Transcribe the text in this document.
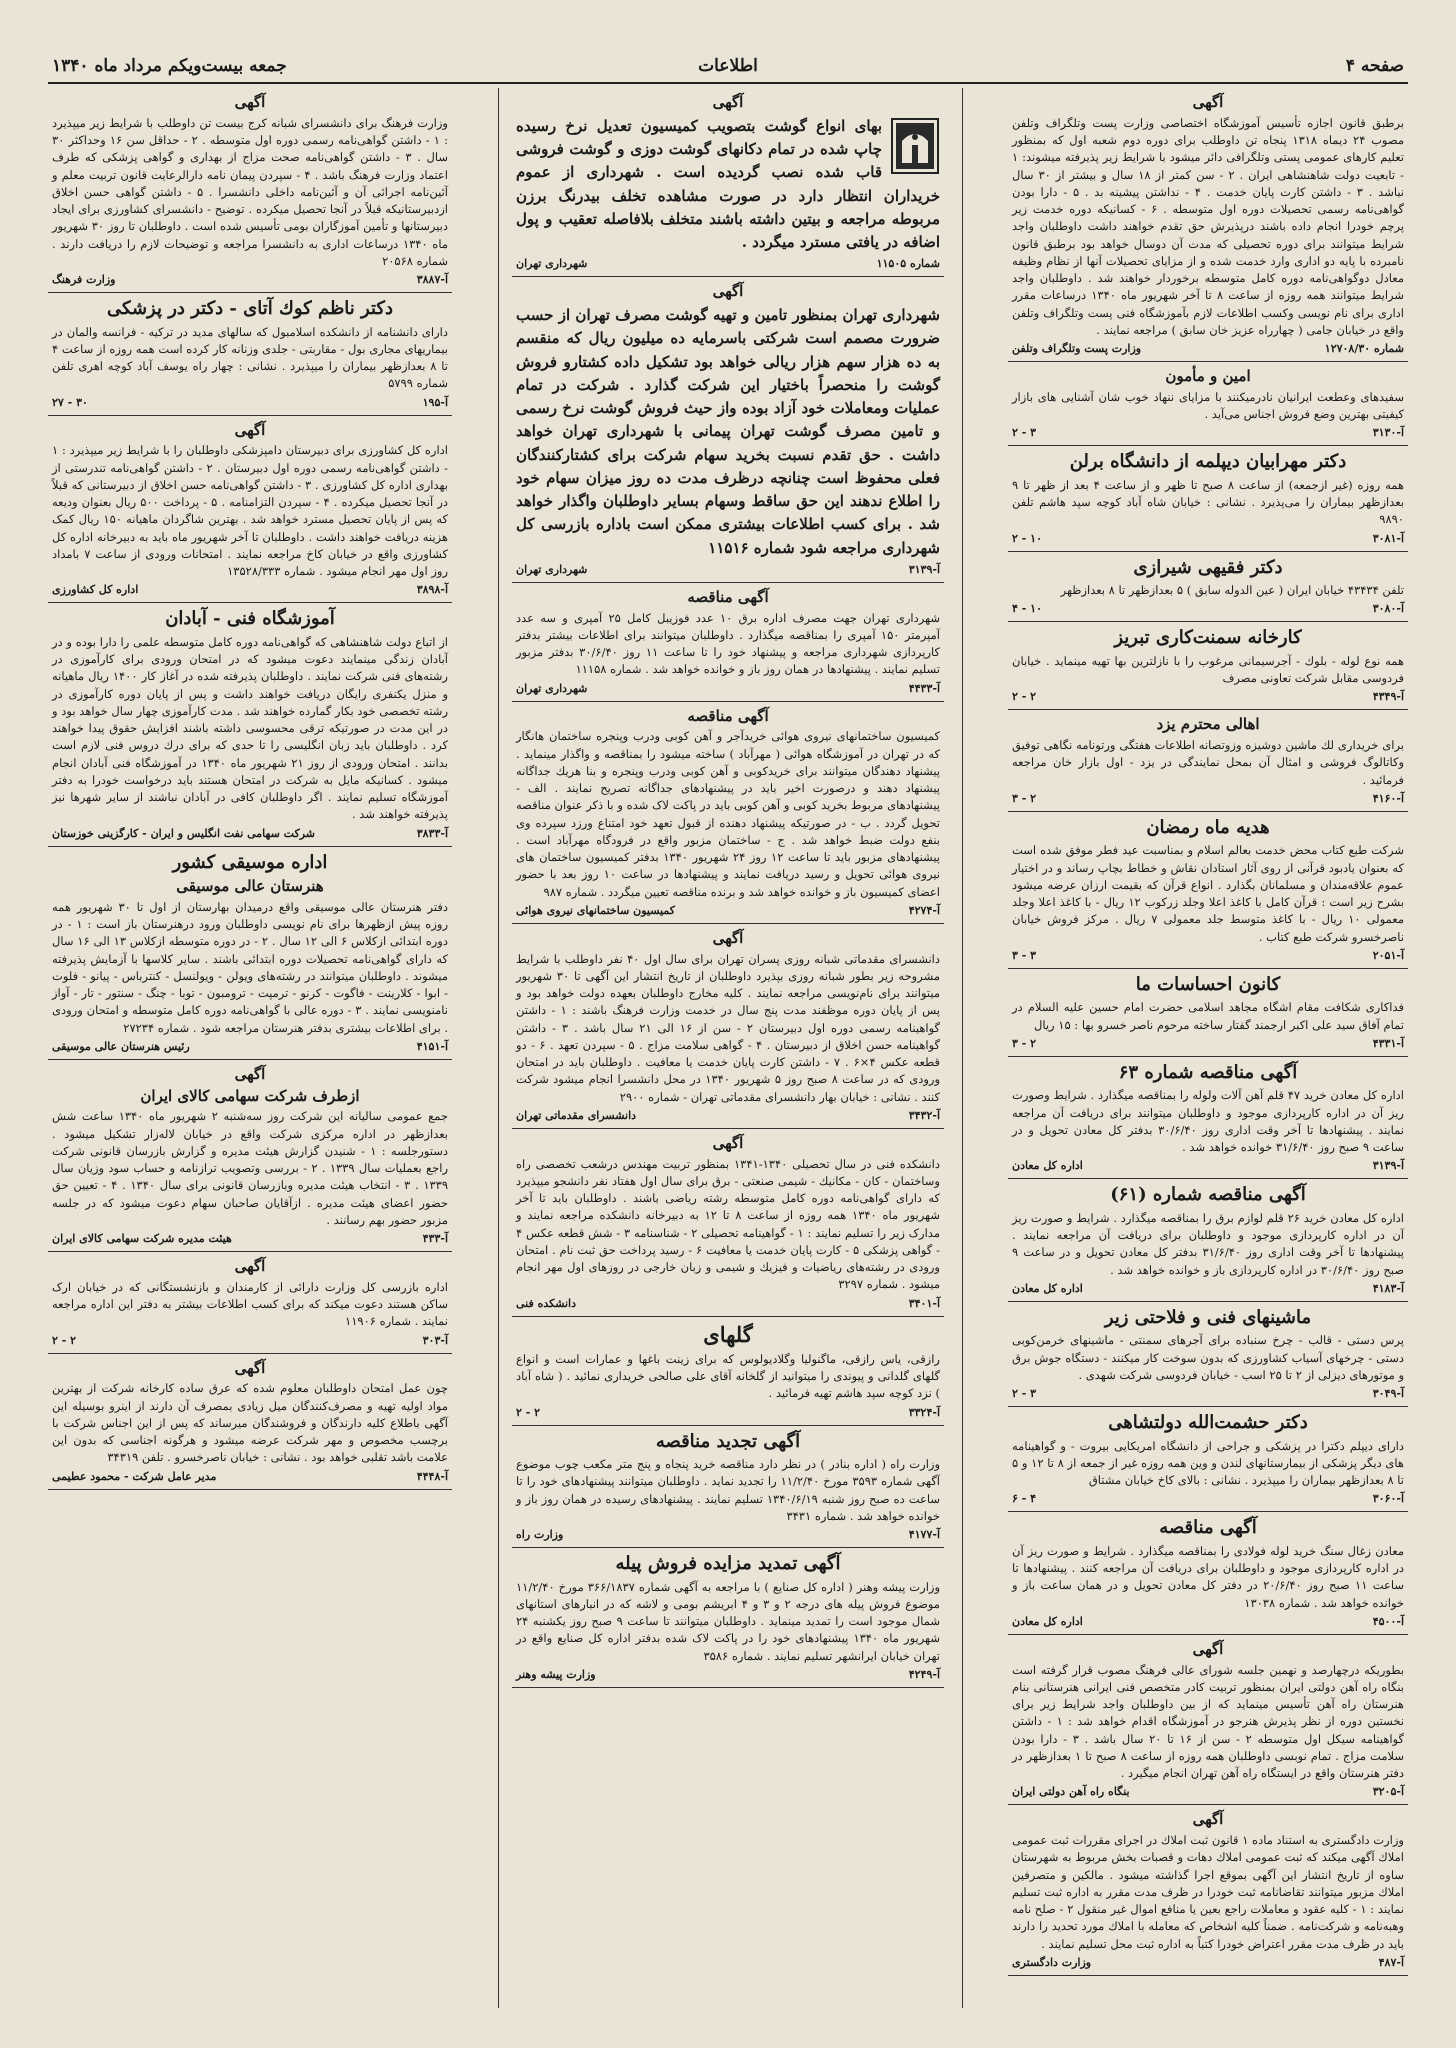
صفحه ۴
اطلاعات
جمعه‌ بیست‌ویکم مرداد ماه ۱۳۴۰
آگهی

برطبق قانون اجازه تأسیس آموزشگاه اختصاصی وزارت پست وتلگراف وتلفن مصوب ۲۴ دیماه ۱۳۱۸ پنجاه تن داوطلب برای دوره دوم شعبه اول که بمنظور تعلیم کارهای عمومی پستی وتلگرافی دائر میشود با شرایط زیر پذیرفته میشوند: ۱ - تابعیت دولت شاهنشاهی ایران . ۲ - سن کمتر از ۱۸ سال و بیشتر از ۳۰ سال نباشد . ۳ - داشتن کارت پایان خدمت . ۴ - نداشتن پیشینه بد . ۵ - دارا بودن گواهی‌نامه رسمی تحصیلات دوره اول متوسطه . ۶ - کسانیکه دوره خدمت زیر پرچم خودرا انجام داده باشند درپذیرش حق تقدم خواهند داشت داوطلبان واجد شرایط میتوانند برای دوره تحصیلی که مدت آن دوسال خواهد بود برطبق قانون نامبرده با پایه دو اداری وارد خدمت شده و از مزایای تحصیلات آنها از نظام وظیفه معادل دوگواهی‌نامه دوره کامل متوسطه برخوردار خواهند شد . داوطلبان واجد شرایط میتوانند همه روزه از ساعت ۸ تا آخر شهریور ماه ۱۳۴۰ درساعات مقرر اداری برای نام نویسی وکسب اطلاعات لازم بآموزشگاه فنی پست وتلگراف وتلفن واقع در خیابان جامی ( چهارراه عزیز خان سابق ) مراجعه نمایند .

شماره ۱۲۷۰۸/۳۰
وزارت پست وتلگراف وتلفن
امین و مأمون

سفیدهای وعطعت ایرانیان نادرمیکنند با مزایای ننهاد خوب شان آشنایی های بازار کیفیتی بهترین وضع فروش اجناس می‌آید .

آ-۳۱۳۰
۳ - ۲
دکتر مهرابیان دیپلمه از دانشگاه برلن

همه روزه (غیر ازجمعه) از ساعت ۸ صبح تا ظهر و از ساعت ۴ بعد از ظهر تا ۹ بعدازظهر بیماران را می‌پذیرد . نشانی : خیابان شاه آباد کوچه سپد هاشم تلفن ۹۸۹۰

آ-۳۰۸۱
۱۰ - ۲
دکتر فقیهی شیرازی

تلفن ۴۳۴۳۴ خیابان ایران ( عین الدوله سابق ) ۵ بعدازظهر تا ۸ بعدازظهر

آ-۳۰۸۰
۱۰ - ۴
کارخانه سمنت‌کاری تبریز

همه نوع لوله - بلوك - آجرسیمانی مرغوب را با نازلترین بها تهیه مینماید . خیابان فردوسی مقابل شرکت تعاونی مصرف

آ-۴۳۴۹
۲ - ۲
اهالی محترم یزد

برای خریداری لك ماشین دوشیزه وزوتصانه اطلاعات هفتگی ورتونامه نگاهی توفیق وکاتالوگ فروشی و امثال آن بمحل نمایندگی در یزد - اول بازار خان مراجعه فرمائید .

آ-۴۱۶۰
۲ - ۳
هدیه ماه رمضان

شرکت طبع کتاب محض خدمت بعالم اسلام و بمناسبت عید فطر موفق شده است که بعنوان یادبود قرآنی از روی آثار استادان نقاش و خطاط بچاپ رساند و در اختیار عموم علاقه‌مندان و مسلمانان بگذارد . انواع قرآن که بقیمت ارزان عرضه میشود بشرح زیر است : قرآن کامل با کاغذ اعلا وجلد زرکوب ۱۲ ریال - با کاغذ اعلا وجلد معمولی ۱۰ ریال - با کاغذ متوسط جلد معمولی ۷ ریال . مرکز فروش خیابان ناصرخسرو شرکت طبع کتاب .

آ-۲۰۵۱
۳ - ۳
کانون احساسات ما

فداکاری شکافت مقام اشگاه مجاهد اسلامی حضرت امام حسین علیه السلام در تمام آفاق سید علی اکبر ارجمند گفتار ساخته مرحوم ناصر خسرو بها : ۱۵ ریال

آ-۴۳۳۱
۲ - ۳
آگهی مناقصه شماره ۶۳

اداره کل معادن خرید ۴۷ قلم آهن آلات ولوله را بمناقصه میگذارد . شرایط وصورت ریز آن در اداره کارپردازی موجود و داوطلبان میتوانند برای دریافت آن مراجعه نمایند . پیشنهادها تا آخر وقت اداری روز ۳۰/۶/۴۰ بدفتر کل معادن تحویل و در ساعت ۹ صبح روز ۳۱/۶/۴۰ خوانده خواهد شد .

آ-۳۱۳۹
اداره کل معادن
آگهی مناقصه شماره (۶۱)

اداره کل معادن خرید ۲۶ قلم لوازم برق را بمناقصه میگذارد . شرایط و صورت ریز آن در اداره کارپردازی موجود و داوطلبان برای دریافت آن مراجعه نمایند . پیشنهادها تا آخر وقت اداری روز ۳۱/۶/۴۰ بدفتر کل معادن تحویل و در ساعت ۹ صبح روز ۳۰/۶/۴۰ در اداره کارپردازی باز و خوانده خواهد شد .

آ-۴۱۸۳
اداره کل معادن
ماشینهای فنی و فلاحتی زیر

پرس دستی - قالب - چرخ سنباده برای آجرهای سمنتی - ماشینهای خرمن‌کوبی دستی - چرخهای آسیاب کشاورزی که بدون سوخت کار میکنند - دستگاه جوش برق و موتورهای دیزلی از ۲ تا ۲۵ اسب - خیابان فردوسی شرکت شهدی .

آ-۳۰۴۹
۳ - ۲
دکتر حشمت‌الله دولتشاهی

دارای دیپلم دکترا در پزشکی و جراحی از دانشگاه امریکایی بیروت - و گواهینامه های دیگر پزشکی از بیمارستانهای لندن و وین همه روزه غیر از جمعه از ۸ تا ۱۲ و ۵ تا ۸ بعدازظهر بیماران را میپذیرد . نشانی : بالای کاخ خیابان مشتاق

آ-۳۰۶۰
۴ - ۶
آگهی مناقصه

معادن زغال سنگ خرید لوله فولادی را بمناقصه میگذارد . شرایط و صورت ریز آن در اداره کارپردازی موجود و داوطلبان برای دریافت آن مراجعه کنند . پیشنهادها تا ساعت ۱۱ صبح روز ۲۰/۶/۴۰ در دفتر کل معادن تحویل و در همان ساعت باز و خوانده خواهد شد . شماره ۱۳۰۳۸

آ-۴۵۰۰
اداره کل معادن
آگهی

بطوریکه درچهارصد و نهمین جلسه شورای عالی فرهنگ مصوب قرار گرفته است بنگاه راه آهن دولتی ایران بمنظور تربیت کادر متخصص فنی ایرانی هنرستانی بنام هنرستان راه آهن تأسیس مینماید که از بین داوطلبان واجد شرایط زیر برای نخستین دوره از نظر پذیرش هنرجو در آموزشگاه اقدام خواهد شد : ۱ - داشتن گواهینامه سیکل اول متوسطه ۲ - سن از ۱۶ تا ۲۰ سال باشد . ۳ - دارا بودن سلامت مزاج . تمام نوبسی داوطلبان همه روزه از ساعت ۸ صبح تا ۱ بعدازظهر در دفتر هنرستان واقع در ایستگاه راه آهن تهران انجام میگیرد .

آ-۳۲۰۵
بنگاه راه آهن دولتی ایران
آگهی

وزارت دادگستری به استناد ماده ۱ قانون ثبت املاك در اجرای مقررات ثبت عمومی املاك آگهی میکند که ثبت عمومی املاك دهات و قصبات بخش مربوط به شهرستان ساوه از تاریخ انتشار این آگهی بموقع اجرا گذاشته میشود . مالکین و متصرفین املاك مزبور میتوانند تقاضانامه ثبت خودرا در ظرف مدت مقرر به اداره ثبت تسلیم نمایند : ۱ - کلیه عقود و معاملات راجع بعین یا منافع اموال غیر منقول ۲ - صلح نامه وهبه‌نامه و شرکت‌نامه . ضمناً کلیه اشخاص که معامله با املاك مورد تحدید را دارند باید در ظرف مدت مقرر اعتراض خودرا کتباً به اداره ثبت محل تسلیم نمایند .

آ-۴۸۷
وزارت دادگستری
آگهی

بهای انواع گوشت بتصویب کمیسیون تعدیل نرخ رسیده چاپ شده در تمام دکانهای گوشت دوزی و گوشت فروشی قاب شده نصب گردیده است . شهرداری از عموم خریداران انتظار دارد در صورت مشاهده تخلف بیدرنگ برزن مربوطه مراجعه و بیتین داشته باشند متخلف بلافاصله تعقیب و پول اضافه در یافتی مسترد میگردد .

شماره ۱۱۵۰۵
شهرداری تهران
آگهی

شهرداری تهران بمنظور تامین و تهیه گوشت مصرف تهران از حسب ضرورت مصمم است شرکتی باسرمایه ده میلیون ریال که منقسم به ده هزار سهم هزار ریالی خواهد بود تشکیل داده کشتارو فروش گوشت را منحصراً باختیار این شرکت گذارد . شرکت در تمام عملیات ومعاملات خود آزاد بوده واز حیث فروش گوشت نرخ رسمی و تامین مصرف گوشت تهران پیمانی با شهرداری تهران خواهد داشت . حق تقدم نسبت بخرید سهام شرکت برای کشتارکنندگان فعلی محفوظ است چنانچه درظرف مدت ده روز میزان سهام خود را اطلاع ندهند این حق ساقط وسهام بسایر داوطلبان واگذار خواهد شد . برای کسب اطلاعات بیشتری ممکن است باداره بازرسی کل شهرداری مراجعه شود شماره ۱۱۵۱۶

آ-۳۱۳۹
شهرداری تهران
آگهی مناقصه

شهرداری تهران جهت مصرف اداره برق ۱۰ عدد فوزیبل کامل ۲۵ آمپری و سه عدد آمپرمتر ۱۵۰ آمپری را بمناقصه میگذارد . داوطلبان میتوانند برای اطلاعات بیشتر بدفتر کارپردازی شهرداری مراجعه و پیشنهاد خود را تا ساعت ۱۱ روز ۳۰/۶/۴۰ بدفتر مزبور تسلیم نمایند . پیشنهادها در همان روز باز و خوانده خواهد شد . شماره ۱۱۱۵۸

آ-۴۴۳۳
شهرداری تهران
آگهی مناقصه

کمیسیون ساختمانهای نیروی هوائی خریدآجر و آهن کوبی ودرب وپنجره ساختمان هانگار که در تهران در آموزشگاه هوائی ( مهرآباد ) ساخته میشود را بمناقصه و واگذار مینماید . پیشنهاد دهندگان میتوانند برای خریدکوبی و آهن کوبی ودرب وپنجره و بنا هریك جداگانه پیشنهاد دهند و درصورت اخیر باید در پیشنهادهای جداگانه تصریح نمایند . الف - پیشنهادهای مربوط بخرید کوبی و آهن کوبی باید در پاکت لاک شده و با ذکر عنوان مناقصه تحویل گردد . ب - در صورتیکه پیشنهاد دهنده از قبول تعهد خود امتناع ورزد سپرده وی بنفع دولت ضبط خواهد شد . ج - ساختمان مزبور واقع در فرودگاه مهرآباد است . پیشنهادهای مزبور باید تا ساعت ۱۲ روز ۲۴ شهریور ۱۳۴۰ بدفتر کمیسیون ساختمان های نیروی هوائی تحویل و رسید دریافت نمایند و پیشنهادها در ساعت ۱۰ روز بعد با حضور اعضای کمیسیون باز و خوانده خواهد شد و برنده مناقصه تعیین میگردد . شماره ۹۸۷

آ-۴۲۷۴
کمیسیون ساختمانهای نیروی هوائی
آگهی

دانشسرای مقدماتی شبانه روزی پسران تهران برای سال اول ۴۰ نفر داوطلب با شرایط مشروحه زیر بطور شبانه روزی بپذیرد داوطلبان از تاریخ انتشار این آگهی تا ۳۰ شهریور میتوانند برای نام‌نویسی مراجعه نمایند . کلیه مخارج داوطلبان بعهده دولت خواهد بود و پس از پایان دوره موظفند مدت پنج سال در خدمت وزارت فرهنگ باشند : ۱ - داشتن گواهینامه رسمی دوره اول دبیرستان ۲ - سن از ۱۶ الی ۲۱ سال باشد . ۳ - داشتن گواهینامه حسن اخلاق از دبیرستان . ۴ - گواهی سلامت مزاج . ۵ - سپردن تعهد . ۶ - دو قطعه عکس ۴×۶ . ۷ - داشتن کارت پایان خدمت یا معافیت . داوطلبان باید در امتحان ورودی که در ساعت ۸ صبح روز ۵ شهریور ۱۳۴۰ در محل دانشسرا انجام میشود شرکت کنند . نشانی : خیابان بهار دانشسرای مقدماتی تهران - شماره ۲۹۰۰

آ-۳۴۳۲
دانشسرای مقدماتی تهران
آگهی

دانشکده فنی در سال تحصیلی ۱۳۴۰-۱۳۴۱ بمنظور تربیت مهندس درشعب تخصصی راه وساختمان - کان - مکانیك - شیمی صنعتی - برق برای سال اول هفتاد نفر دانشجو میپذیرد که دارای گواهی‌نامه دوره کامل متوسطه رشته ریاضی باشند . داوطلبان باید تا آخر شهریور ماه ۱۳۴۰ همه روزه از ساعت ۸ تا ۱۲ به دبیرخانه دانشکده مراجعه نمایند و مدارک زیر را تسلیم نمایند : ۱ - گواهینامه تحصیلی ۲ - شناسنامه ۳ - شش قطعه عکس ۴ - گواهی پزشکی ۵ - کارت پایان خدمت یا معافیت ۶ - رسید پرداخت حق ثبت نام . امتحان ورودی در رشته‌های ریاضیات و فیزیك و شیمی و زبان خارجی در روزهای اول مهر انجام میشود . شماره ۳۲۹۷

آ-۳۴۰۱
دانشکده فنی
گلهای

رازقی، یاس رازقی، ماگنولیا وگلادیولوس که برای زینت باغها و عمارات است و انواع گلهای گلدانی و پیوندی را میتوانید از گلخانه آقای علی صالحی خریداری نمائید . ( شاه آباد ) نزد کوچه سپد هاشم تهیه فرمائید .

آ-۳۳۲۴
۲ - ۲
آگهی تجدید مناقصه

وزارت راه ( اداره بنادر ) در نظر دارد مناقصه خرید پنجاه و پنج متر مکعب چوب موضوع آگهی شماره ۳۵۹۳ مورخ ۱۱/۲/۴۰ را تجدید نماید . داوطلبان میتوانند پیشنهادهای خود را تا ساعت ده صبح روز شنبه ۱۳۴۰/۶/۱۹ تسلیم نمایند . پیشنهادهای رسیده در همان روز باز و خوانده خواهد شد . شماره ۳۴۳۱

آ-۴۱۷۷
وزارت راه
آگهی تمدید مزایده فروش پیله

وزارت پیشه وهنر ( اداره کل صنایع ) با مراجعه به آگهی شماره ۳۶۶/۱۸۳۷ مورخ ۱۱/۲/۴۰ موضوع فروش پیله های درجه ۲ و ۳ و ۴ ابریشم بومی و لاشه که در انبارهای استانهای شمال موجود است را تمدید مینماید . داوطلبان میتوانند تا ساعت ۹ صبح روز یکشنبه ۲۴ شهریور ماه ۱۳۴۰ پیشنهادهای خود را در پاکت لاک شده بدفتر اداره کل صنایع واقع در تهران خیابان ایرانشهر تسلیم نمایند . شماره ۳۵۸۶

آ-۴۲۴۹
وزارت پیشه وهنر
آگهی

وزارت فرهنگ برای دانشسرای شبانه کرج بیست تن داوطلب با شرایط زیر میپذیرد : ۱ - داشتن گواهی‌نامه رسمی دوره اول متوسطه . ۲ - حداقل سن ۱۶ وحداکثر ۳۰ سال . ۳ - داشتن گواهی‌نامه صحت مزاج از بهداری و گواهی پزشکی که طرف اعتماد وزارت فرهنگ باشد . ۴ - سپردن پیمان نامه دارالرعایت قانون تربیت معلم و آئین‌نامه اجرائی آن و آئین‌نامه داخلی دانشسرا . ۵ - داشتن گواهی حسن اخلاق ازدبیرستانیکه قبلاً در آنجا تحصیل میکرده . توضیح - دانشسرای کشاورزی برای ایجاد دبیرستانها و تأمین آموزگاران بومی تأسیس شده است . داوطلبان تا روز ۳۰ شهریور ماه ۱۳۴۰ درساعات اداری به دانشسرا مراجعه و توضیحات لازم را دریافت دارند . شماره ۲۰۵۶۸

آ-۳۸۸۷
وزارت فرهنگ
دکتر ناظم کوك آتای - دکتر در پزشکی

دارای دانشنامه از دانشکده اسلامبول که سالهای مدید در ترکیه - فرانسه والمان در بیماریهای مجاری بول - مقاربتی - جلدی وزنانه کار کرده است همه روزه از ساعت ۴ تا ۸ بعدازظهر بیماران را میپذیرد . نشانی : چهار راه یوسف آباد کوچه اهری تلفن شماره ۵۷۹۹

آ-۱۹۵
۳۰ - ۲۷
آگهی

اداره کل کشاورزی برای دبیرستان دامپزشکی داوطلبان را با شرایط زیر میپذیرد : ۱ - داشتن گواهی‌نامه رسمی دوره اول دبیرستان . ۲ - داشتن گواهی‌نامه تندرستی از بهداری اداره کل کشاورزی . ۳ - داشتن گواهی‌نامه حسن اخلاق از دبیرستانی که قبلاً در آنجا تحصیل میکرده . ۴ - سپردن التزامنامه . ۵ - پرداخت ۵۰۰ ریال بعنوان ودیعه که پس از پایان تحصیل مسترد خواهد شد . بهترین شاگردان ماهیانه ۱۵۰ ریال کمک هزینه دریافت خواهند داشت . داوطلبان تا آخر شهریور ماه باید به دبیرخانه اداره کل کشاورزی واقع در خیابان کاخ مراجعه نمایند . امتحانات ورودی از ساعت ۷ بامداد روز اول مهر انجام میشود . شماره ۱۳۵۲۸/۳۳۳

آ-۳۸۹۸
اداره کل کشاورزی
آموزشگاه فنی - آبادان

از اتباع دولت شاهنشاهی که گواهی‌نامه دوره کامل متوسطه علمی را دارا بوده و در آبادان زندگی مینمایند دعوت میشود که در امتحان ورودی برای کارآموزی در رشته‌های فنی شرکت نمایند . داوطلبان پذیرفته شده در آغاز کار ۱۴۰۰ ریال ماهیانه و منزل یکنفری رایگان دریافت خواهند داشت و پس از پایان دوره کارآموزی در رشته تخصصی خود بکار گمارده خواهند شد . مدت کارآموزی چهار سال خواهد بود و در این مدت در صورتیکه ترقی محسوسی داشته باشند افزایش حقوق پیدا خواهند کرد . داوطلبان باید زبان انگلیسی را تا حدی که برای درك دروس فنی لازم است بدانند . امتحان ورودی از روز ۲۱ شهریور ماه ۱۳۴۰ در آموزشگاه فنی آبادان انجام میشود . کسانیکه مایل به شرکت در امتحان هستند باید درخواست خودرا به دفتر آموزشگاه تسلیم نمایند . اگر داوطلبان کافی در آبادان نباشند از سایر شهرها نیز پذیرفته خواهند شد .

آ-۳۸۳۳
شرکت سهامی نفت انگلیس و ایران - کارگزینی خوزستان
اداره موسیقی کشور
هنرستان عالی موسیقی

دفتر هنرستان عالی موسیقی واقع درمیدان بهارستان از اول تا ۳۰ شهریور همه روزه پیش ازظهرها برای نام نویسی داوطلبان ورود درهنرستان باز است : ۱ - در دوره ابتدائی ازکلاس ۶ الی ۱۲ سال . ۲ - در دوره متوسطه ازکلاس ۱۳ الی ۱۶ سال که دارای گواهی‌نامه تحصیلات دوره ابتدائی باشند . سایر کلاسها با آزمایش پذیرفته میشوند . داوطلبان میتوانند در رشته‌های ویولن - ویولنسل - کنترباس - پیانو - فلوت - ابوا - کلارینت - فاگوت - کرنو - ترمپت - ترومبون - توبا - چنگ - سنتور - تار - آواز نامنویسی نمایند . ۳ - دوره عالی با گواهی‌نامه دوره کامل متوسطه و امتحان ورودی . برای اطلاعات بیشتری بدفتر هنرستان مراجعه شود . شماره ۲۷۲۳۴

آ-۴۱۵۱
رئیس هنرستان عالی موسیقی
آگهی
ازطرف شرکت سهامی کالای ایران

جمع عمومی سالیانه این شرکت روز سه‌شنبه ۲ شهریور ماه ۱۳۴۰ ساعت شش بعدازظهر در اداره مرکزی شرکت واقع در خیابان لاله‌زار تشکیل میشود . دستورجلسه : ۱ - شنیدن گزارش هیئت مدیره و گزارش بازرسان قانونی شرکت راجع بعملیات سال ۱۳۳۹ . ۲ - بررسی وتصویب ترازنامه و حساب سود وزیان سال ۱۳۳۹ . ۳ - انتخاب هیئت مدیره وبازرسان قانونی برای سال ۱۳۴۰ . ۴ - تعیین حق حضور اعضای هیئت مدیره . ازآقایان صاحبان سهام دعوت میشود که در جلسه مزبور حضور بهم رسانند .

آ-۴۳۳
هیئت مدیره شرکت سهامی کالای ایران
آگهی

اداره بازرسی کل وزارت دارائی از کارمندان و بازنشستگانی که در خیابان ارک ساکن هستند دعوت میکند که برای کسب اطلاعات بیشتر به دفتر این اداره مراجعه نمایند . شماره ۱۱۹۰۶

آ-۳۰۳
۲ - ۲
آگهی

چون عمل امتحان داوطلبان معلوم شده که عرق ساده کارخانه شرکت از بهترین مواد اولیه تهیه و مصرف‌کنندگان میل زیادی بمصرف آن دارند از اینرو بوسیله این آگهی باطلاع کلیه دارندگان و فروشندگان میرساند که پس از این اجناس شرکت با برچسب مخصوص و مهر شرکت عرضه میشود و هرگونه اجناسی که بدون این علامت باشد تقلبی خواهد بود . نشانی : خیابان ناصرخسرو . تلفن ۳۴۳۱۹

آ-۴۴۴۸
مدیر عامل شرکت - محمود عطیمی
